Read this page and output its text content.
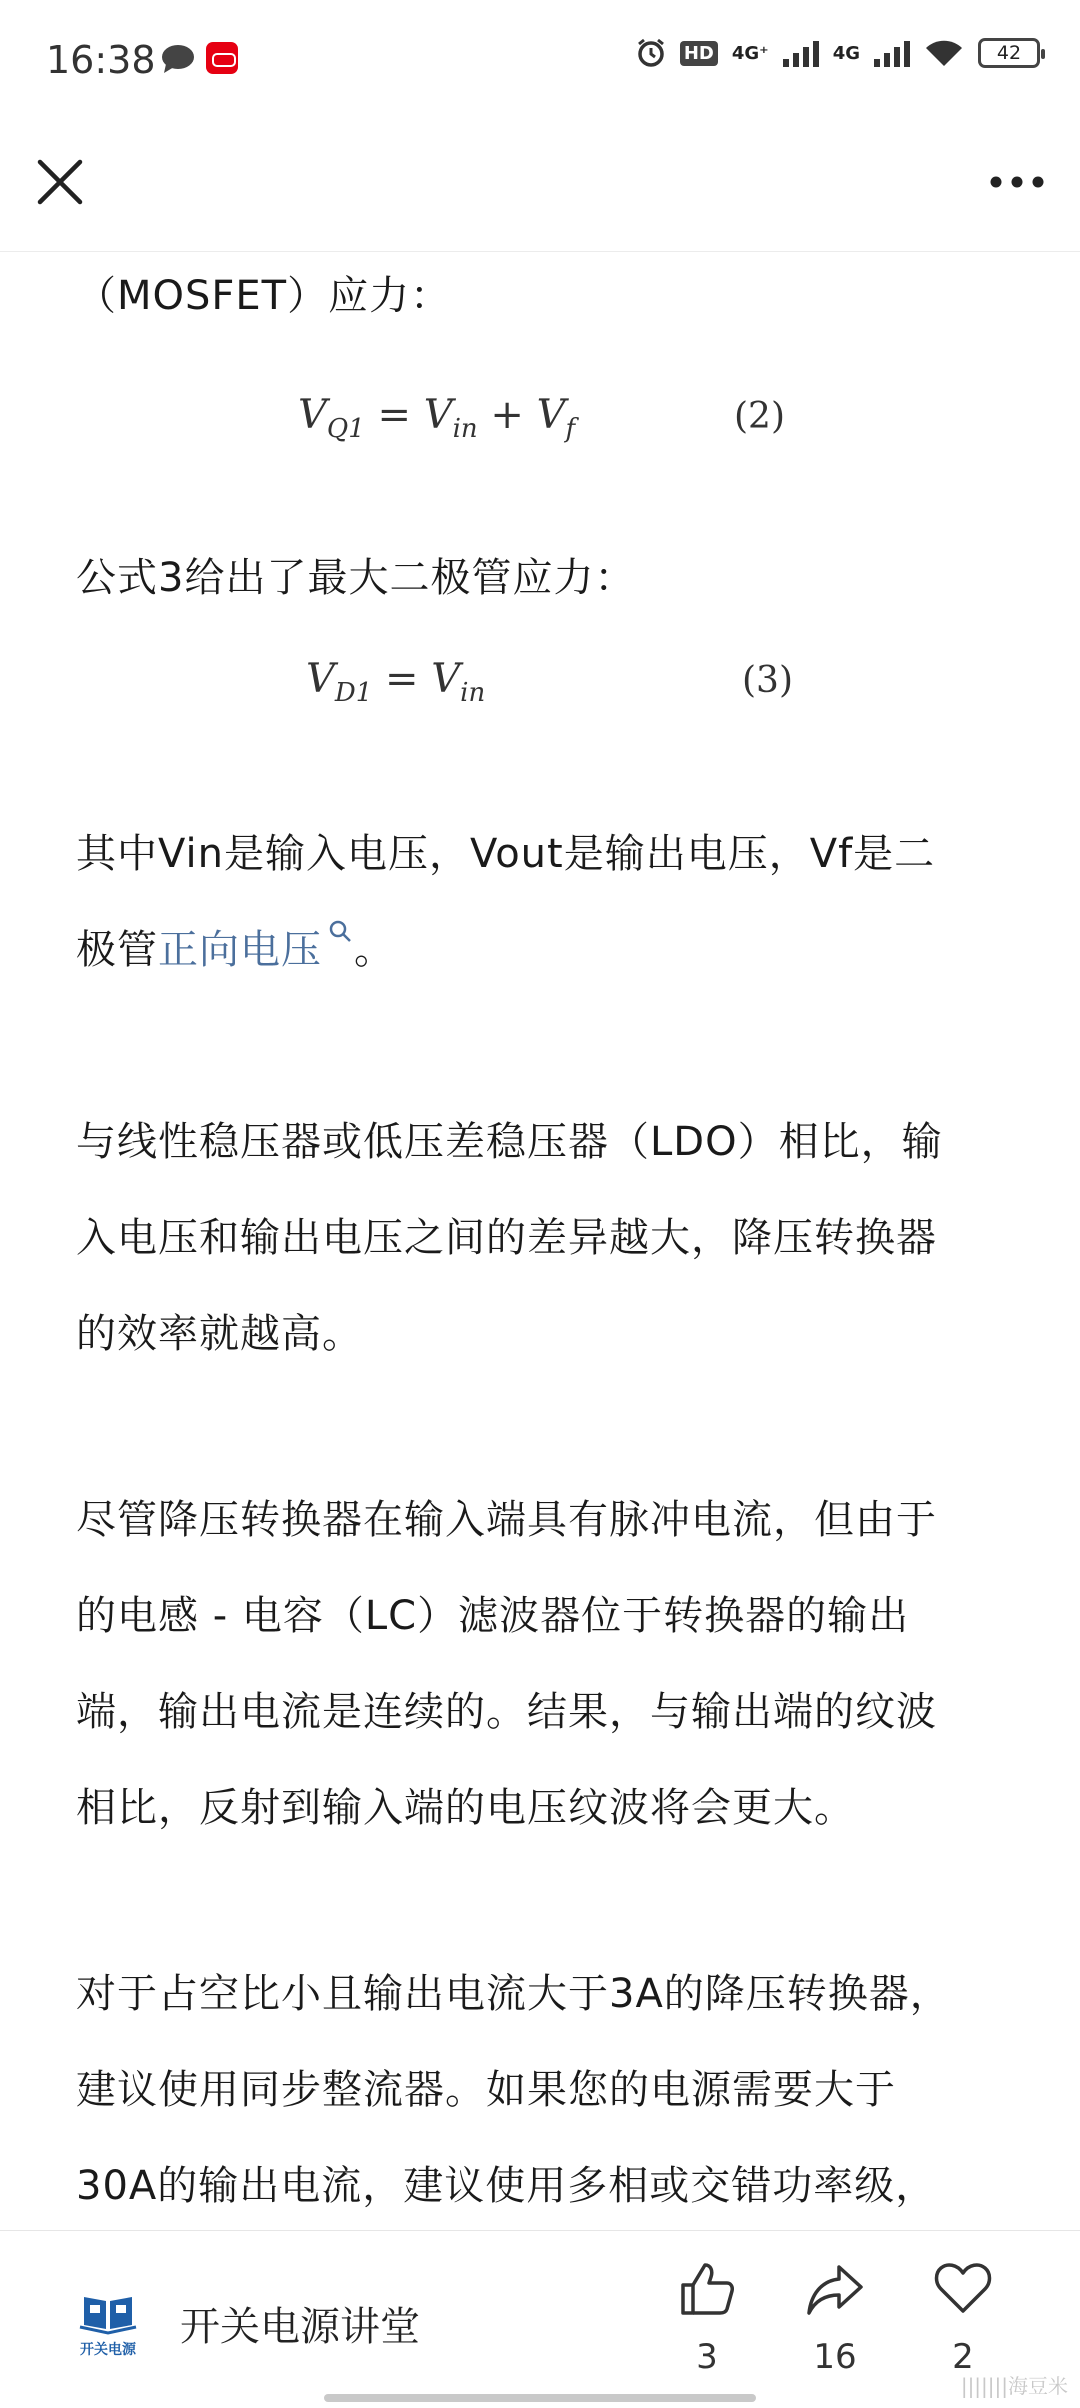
16:38	HD 4G⁺	4G	42
（MOSFET）应力：
$V_{Q1} = V_{in} + V_f$	(2)
公式3给出了最大二极管应力：
$V_{D1} = V_{in}$	(3)
其中Vin是输入电压，Vout是输出电压，Vf是二
极管正向电压 。
与线性稳压器或低压差稳压器（LDO）相比，输
入电压和输出电压之间的差异越大，降压转换器
的效率就越高。
尽管降压转换器在输入端具有脉冲电流，但由于
的电感 - 电容（LC）滤波器位于转换器的输出
端，输出电流是连续的。结果，与输出端的纹波
相比，反射到输入端的电压纹波将会更大。
对于占空比小且输出电流大于3A的降压转换器，
建议使用同步整流器。如果您的电源需要大于
30A的输出电流，建议使用多相或交错功率级，
开关电源	开关电源讲堂
3	16	2
|||||||海豆米
